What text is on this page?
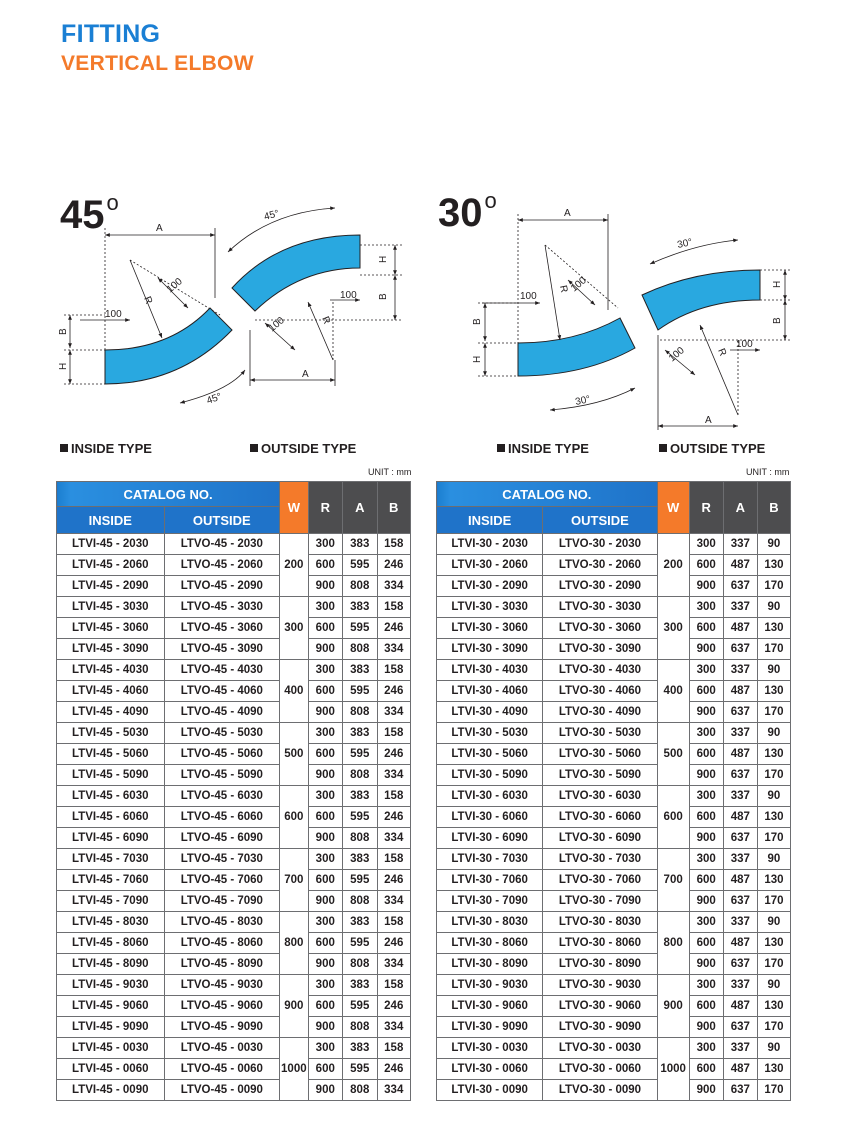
FITTING
VERTICAL ELBOW
45$^o$
A
R
100
100
B
H
45°
45°
H
B
100
R
100
A
30$^o$
A
R 100
100
B
H
30°
30°
H
B
100
R
100
A
INSIDE TYPE	OUTSIDE TYPE	INSIDE TYPE	OUTSIDE TYPE
UNIT : mm	UNIT : mm
CATALOG NO.		W	R	A	B
INSIDE	OUTSIDE				
LTVI-45 - 2030	LTVO-45 - 2030	200	300	383	158
LTVI-45 - 2060	LTVO-45 - 2060		600	595	246
LTVI-45 - 2090	LTVO-45 - 2090		900	808	334
LTVI-45 - 3030	LTVO-45 - 3030	300	300	383	158
LTVI-45 - 3060	LTVO-45 - 3060		600	595	246
LTVI-45 - 3090	LTVO-45 - 3090		900	808	334
LTVI-45 - 4030	LTVO-45 - 4030	400	300	383	158
LTVI-45 - 4060	LTVO-45 - 4060		600	595	246
LTVI-45 - 4090	LTVO-45 - 4090		900	808	334
LTVI-45 - 5030	LTVO-45 - 5030	500	300	383	158
LTVI-45 - 5060	LTVO-45 - 5060		600	595	246
LTVI-45 - 5090	LTVO-45 - 5090		900	808	334
LTVI-45 - 6030	LTVO-45 - 6030	600	300	383	158
LTVI-45 - 6060	LTVO-45 - 6060		600	595	246
LTVI-45 - 6090	LTVO-45 - 6090		900	808	334
LTVI-45 - 7030	LTVO-45 - 7030	700	300	383	158
LTVI-45 - 7060	LTVO-45 - 7060		600	595	246
LTVI-45 - 7090	LTVO-45 - 7090		900	808	334
LTVI-45 - 8030	LTVO-45 - 8030	800	300	383	158
LTVI-45 - 8060	LTVO-45 - 8060		600	595	246
LTVI-45 - 8090	LTVO-45 - 8090		900	808	334
LTVI-45 - 9030	LTVO-45 - 9030	900	300	383	158
LTVI-45 - 9060	LTVO-45 - 9060		600	595	246
LTVI-45 - 9090	LTVO-45 - 9090		900	808	334
LTVI-45 - 0030	LTVO-45 - 0030	1000	300	383	158
LTVI-45 - 0060	LTVO-45 - 0060		600	595	246
LTVI-45 - 0090	LTVO-45 - 0090		900	808	334
CATALOG NO.		W	R	A	B
INSIDE	OUTSIDE				
LTVI-30 - 2030	LTVO-30 - 2030	200	300	337	90
LTVI-30 - 2060	LTVO-30 - 2060		600	487	130
LTVI-30 - 2090	LTVO-30 - 2090		900	637	170
LTVI-30 - 3030	LTVO-30 - 3030	300	300	337	90
LTVI-30 - 3060	LTVO-30 - 3060		600	487	130
LTVI-30 - 3090	LTVO-30 - 3090		900	637	170
LTVI-30 - 4030	LTVO-30 - 4030	400	300	337	90
LTVI-30 - 4060	LTVO-30 - 4060		600	487	130
LTVI-30 - 4090	LTVO-30 - 4090		900	637	170
LTVI-30 - 5030	LTVO-30 - 5030	500	300	337	90
LTVI-30 - 5060	LTVO-30 - 5060		600	487	130
LTVI-30 - 5090	LTVO-30 - 5090		900	637	170
LTVI-30 - 6030	LTVO-30 - 6030	600	300	337	90
LTVI-30 - 6060	LTVO-30 - 6060		600	487	130
LTVI-30 - 6090	LTVO-30 - 6090		900	637	170
LTVI-30 - 7030	LTVO-30 - 7030	700	300	337	90
LTVI-30 - 7060	LTVO-30 - 7060		600	487	130
LTVI-30 - 7090	LTVO-30 - 7090		900	637	170
LTVI-30 - 8030	LTVO-30 - 8030	800	300	337	90
LTVI-30 - 8060	LTVO-30 - 8060		600	487	130
LTVI-30 - 8090	LTVO-30 - 8090		900	637	170
LTVI-30 - 9030	LTVO-30 - 9030	900	300	337	90
LTVI-30 - 9060	LTVO-30 - 9060		600	487	130
LTVI-30 - 9090	LTVO-30 - 9090		900	637	170
LTVI-30 - 0030	LTVO-30 - 0030	1000	300	337	90
LTVI-30 - 0060	LTVO-30 - 0060		600	487	130
LTVI-30 - 0090	LTVO-30 - 0090		900	637	170
